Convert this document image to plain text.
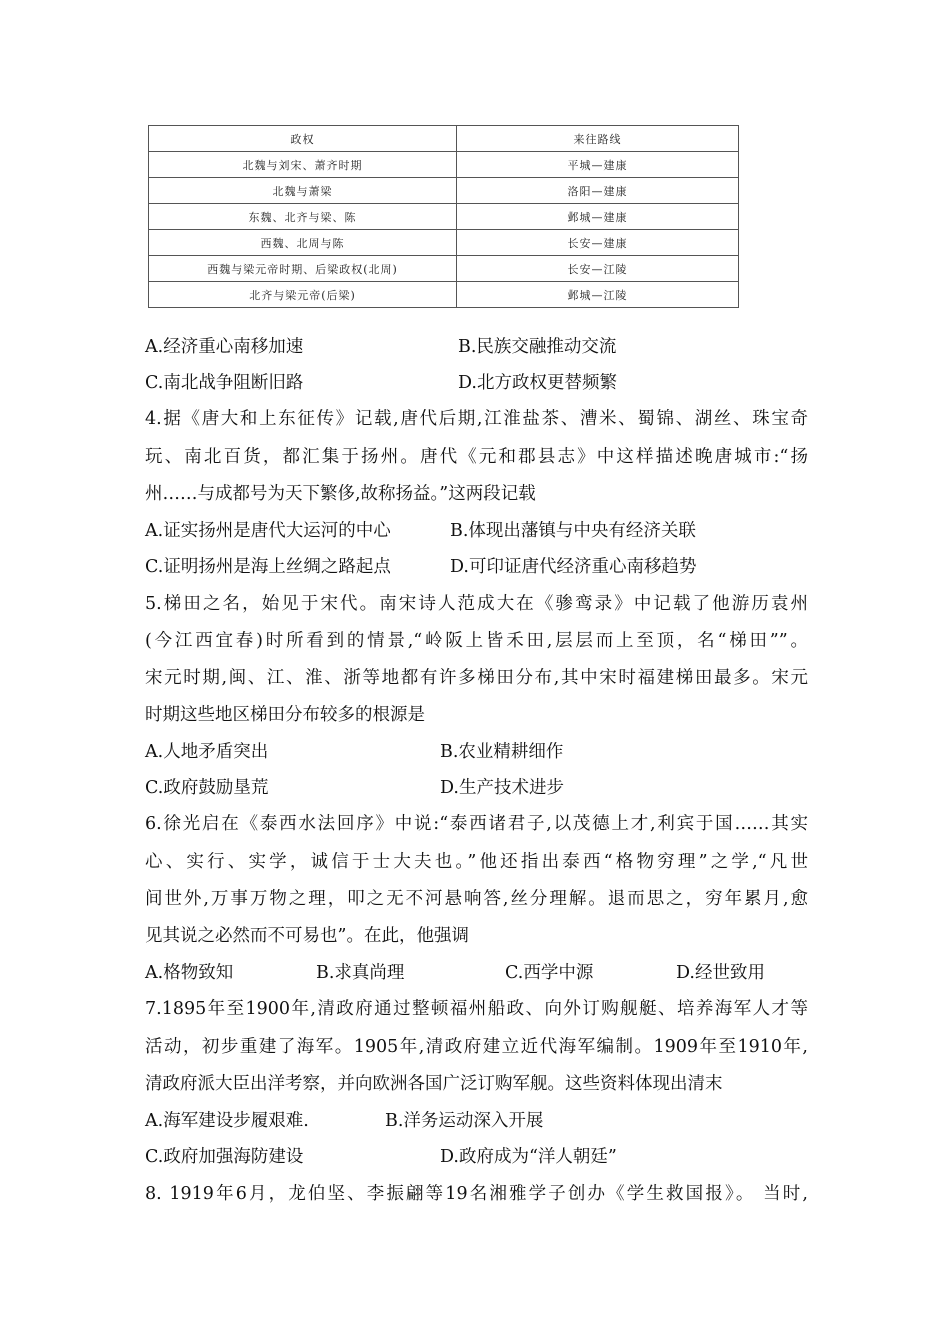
政权	来往路线
北魏与刘宋、萧齐时期	平城—建康
北魏与萧梁	洛阳—建康
东魏、北齐与梁、陈	邺城—建康
西魏、北周与陈	长安—建康
西魏与梁元帝时期、后梁政权(北周)	长安—江陵
北齐与梁元帝(后梁)	邺城—江陵
A.经济重心南移加速	B.民族交融推动交流
C.南北战争阻断旧路	D.北方政权更替频繁
4.据《唐大和上东征传》记载,唐代后期,江淮盐茶、漕米、蜀锦、湖丝、珠宝奇
玩、南北百货，都汇集于扬州。唐代《元和郡县志》中这样描述晚唐城市:“扬
州……与成都号为天下繁侈,故称扬益。”这两段记载
A.证实扬州是唐代大运河的中心	B.体现出藩镇与中央有经济关联
C.证明扬州是海上丝绸之路起点	D.可印证唐代经济重心南移趋势
5.梯田之名，始见于宋代。南宋诗人范成大在《骖鸾录》中记载了他游历袁州
(今江西宜春)时所看到的情景,“岭阪上皆禾田,层层而上至顶，名“梯田””。
宋元时期,闽、江、淮、浙等地都有许多梯田分布,其中宋时福建梯田最多。宋元
时期这些地区梯田分布较多的根源是
A.人地矛盾突出	B.农业精耕细作
C.政府鼓励垦荒	D.生产技术进步
6.徐光启在《泰西水法回序》中说:“泰西诸君子,以茂德上才,利宾于国……其实
心、实行、实学，诚信于士大夫也。”他还指出泰西“格物穷理”之学,“凡世
间世外,万事万物之理，叩之无不河悬响答,丝分理解。退而思之，穷年累月,愈
见其说之必然而不可易也”。在此，他强调
A.格物致知	B.求真尚理	C.西学中源	D.经世致用
7.1895年至1900年,清政府通过整顿福州船政、向外订购舰艇、培养海军人才等
活动，初步重建了海军。1905年,清政府建立近代海军编制。1909年至1910年,
清政府派大臣出洋考察，并向欧洲各国广泛订购军舰。这些资料体现出清末
A.海军建设步履艰难.	B.洋务运动深入开展
C.政府加强海防建设	D.政府成为“洋人朝廷”
8. 1919年6月，龙伯坚、李振翩等19名湘雅学子创办《学生救国报》。 当时,
